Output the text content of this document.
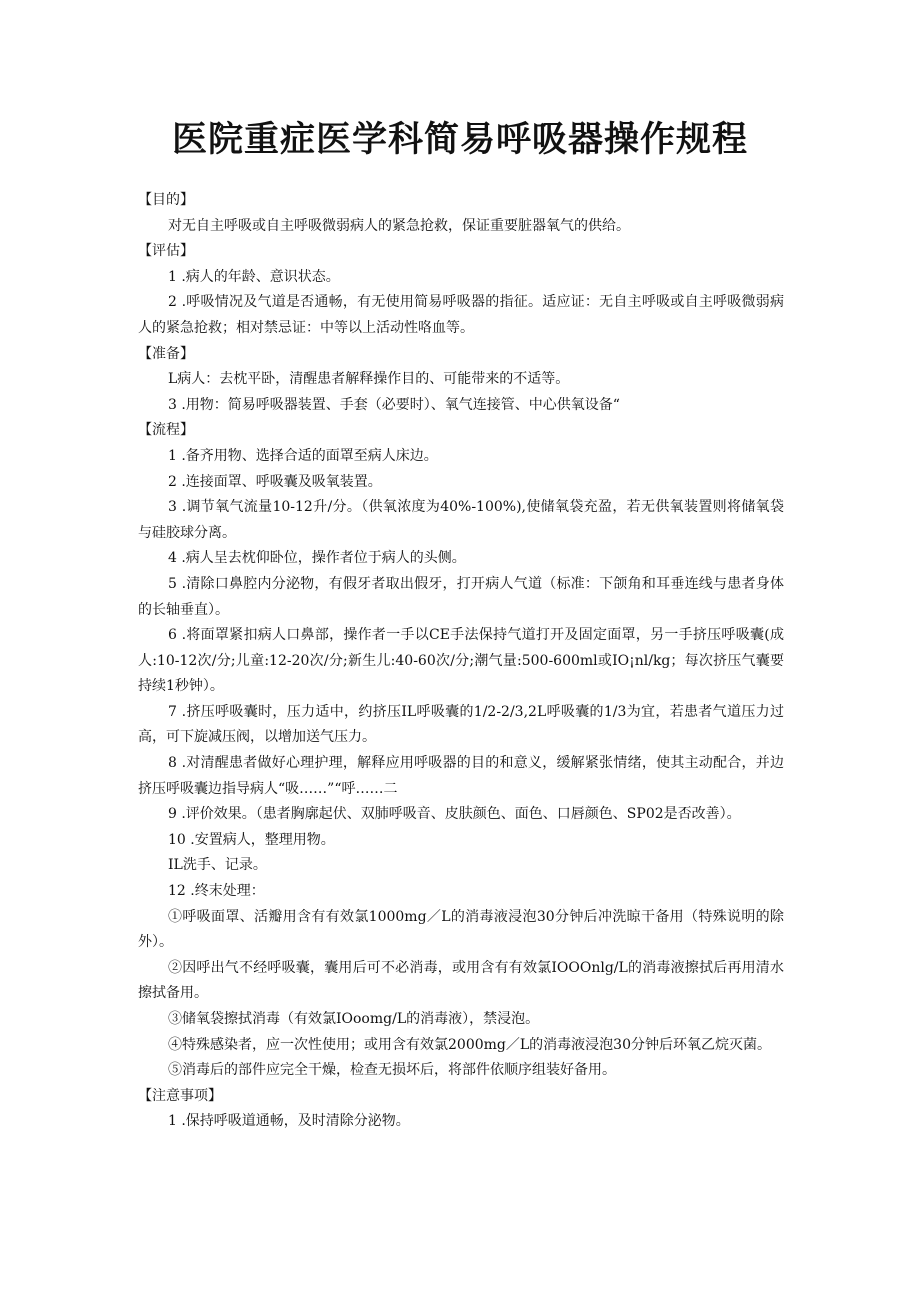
医院重症医学科简易呼吸器操作规程

【目的】

对无自主呼吸或自主呼吸微弱病人的紧急抢救，保证重要脏器氧气的供给。

【评估】

1 .病人的年龄、意识状态。

2 .呼吸情况及气道是否通畅，有无使用简易呼吸器的指征。适应证：无自主呼吸或自主呼吸微弱病人的紧急抢救；相对禁忌证：中等以上活动性咯血等。

【准备】

L病人：去枕平卧，清醒患者解释操作目的、可能带来的不适等。

3 .用物：简易呼吸器装置、手套（必要时）、氧气连接管、中心供氧设备“

【流程】

1 .备齐用物、选择合适的面罩至病人床边。

2 .连接面罩、呼吸囊及吸氧装置。

3 .调节氧气流量10-12升/分。（供氧浓度为40%-100%),使储氧袋充盈，若无供氧装置则将储氧袋与硅胶球分离。

4 .病人呈去枕仰卧位，操作者位于病人的头侧。

5 .清除口鼻腔内分泌物，有假牙者取出假牙，打开病人气道（标准：下颌角和耳垂连线与患者身体的长轴垂直）。

6 .将面罩紧扣病人口鼻部，操作者一手以CE手法保持气道打开及固定面罩，另一手挤压呼吸囊(成人:10-12次/分;儿童:12-20次/分;新生儿:40-60次/分;潮气量:500-600ml或IO¡nl/kg；每次挤压气囊要持续1秒钟）。

7 .挤压呼吸囊时，压力适中，约挤压IL呼吸囊的1/2-2/3,2L呼吸囊的1/3为宜，若患者气道压力过高，可下旋减压阀，以增加送气压力。

8 .对清醒患者做好心理护理，解释应用呼吸器的目的和意义，缓解紧张情绪，使其主动配合，并边挤压呼吸囊边指导病人“吸……”“呼……二

9 .评价效果。（患者胸廓起伏、双肺呼吸音、皮肤颜色、面色、口唇颜色、SP02是否改善）。

10 .安置病人，整理用物。

IL洗手、记录。

12 .终末处理：

①呼吸面罩、活瓣用含有有效氯1000mg／L的消毒液浸泡30分钟后冲洗晾干备用（特殊说明的除外）。

②因呼出气不经呼吸囊，囊用后可不必消毒，或用含有有效氯IOOOnlg/L的消毒液擦拭后再用清水擦拭备用。

③储氧袋擦拭消毒（有效氯IOoomg/L的消毒液），禁浸泡。

④特殊感染者，应一次性使用；或用含有效氯2000mg／L的消毒液浸泡30分钟后环氧乙烷灭菌。

⑤消毒后的部件应完全干燥，检查无损坏后，将部件依顺序组装好备用。

【注意事项】

1 .保持呼吸道通畅，及时清除分泌物。
